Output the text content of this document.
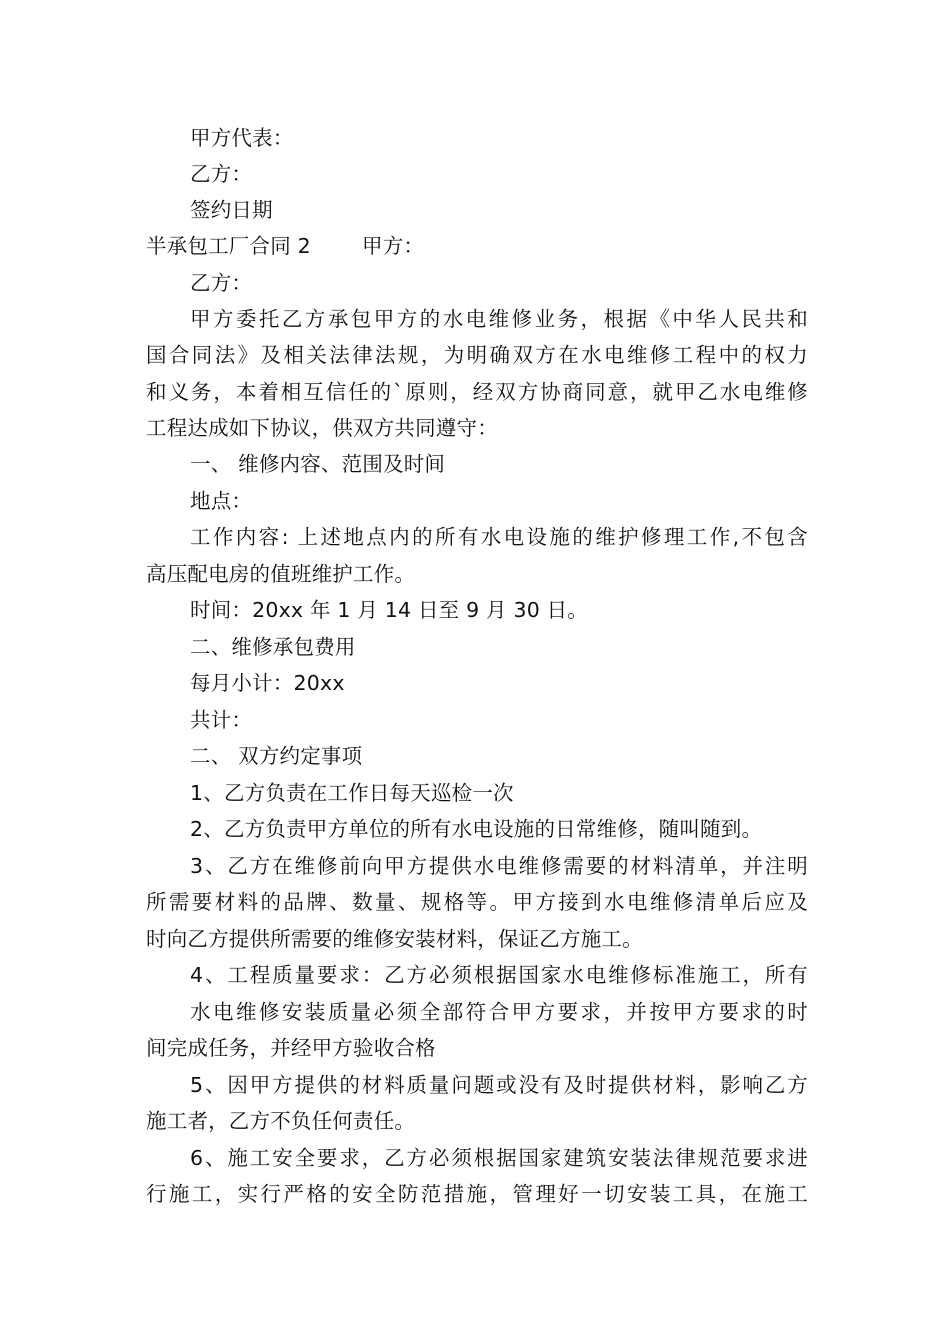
甲方代表：
乙方：
签约日期
半承包工厂合同 2 甲方：
乙方：
甲方委托乙方承包甲方的水电维修业务，根据《中华人民共和
国合同法》及相关法律法规，为明确双方在水电维修工程中的权力
和义务，本着相互信任的`原则，经双方协商同意，就甲乙水电维修
工程达成如下协议，供双方共同遵守：
一、 维修内容、范围及时间
地点：
工作内容: 上述地点内的所有水电设施的维护修理工作,不包含
高压配电房的值班维护工作。
时间：20xx 年 1 月 14 日至 9 月 30 日。
二、维修承包费用
每月小计：20xx
共计：
二、 双方约定事项
1、乙方负责在工作日每天巡检一次
2、乙方负责甲方单位的所有水电设施的日常维修，随叫随到。
3、乙方在维修前向甲方提供水电维修需要的材料清单，并注明
所需要材料的品牌、数量、规格等。甲方接到水电维修清单后应及
时向乙方提供所需要的维修安装材料，保证乙方施工。
4、工程质量要求：乙方必须根据国家水电维修标准施工，所有
水电维修安装质量必须全部符合甲方要求，并按甲方要求的时
间完成任务，并经甲方验收合格
5、因甲方提供的材料质量问题或没有及时提供材料，影响乙方
施工者，乙方不负任何责任。
6、施工安全要求，乙方必须根据国家建筑安装法律规范要求进
行施工，实行严格的安全防范措施，管理好一切安装工具，在施工
